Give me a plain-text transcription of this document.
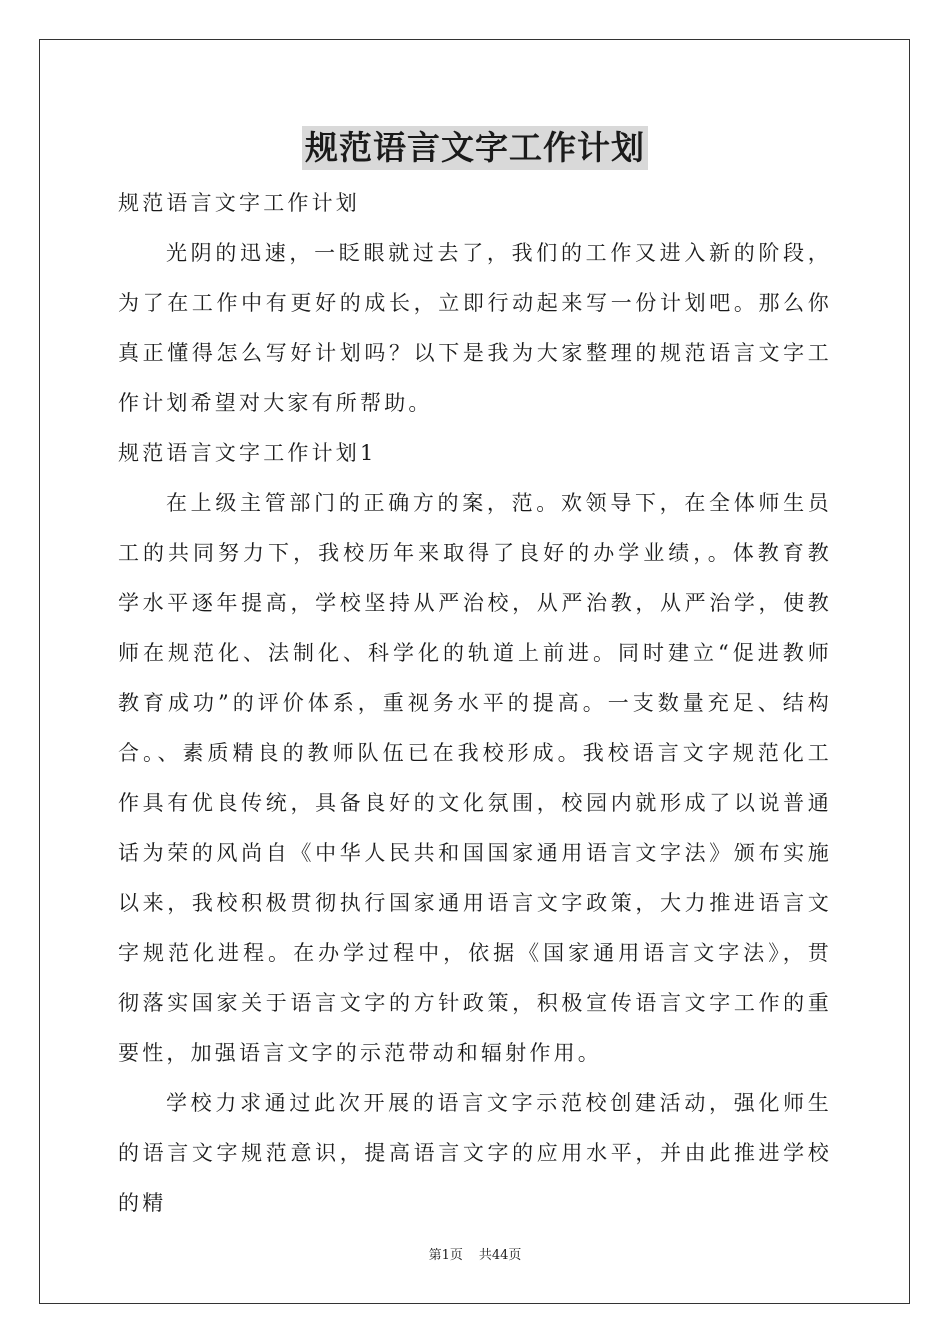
规范语言文字工作计划

规范语言文字工作计划

光阴的迅速，一眨眼就过去了，我们的工作又进入新的阶段，为了在工作中有更好的成长，立即行动起来写一份计划吧。那么你真正懂得怎么写好计划吗？以下是我为大家整理的规范语言文字工作计划希望对大家有所帮助。

规范语言文字工作计划1

在上级主管部门的正确方的案，范。欢领导下，在全体师生员工的共同努力下，我校历年来取得了良好的办学业绩，。体教育教学水平逐年提高，学校坚持从严治校，从严治教，从严治学，使教师在规范化、法制化、科学化的轨道上前进。同时建立“促进教师教育成功”的评价体系，重视务水平的提高。一支数量充足、结构合。、素质精良的教师队伍已在我校形成。我校语言文字规范化工作具有优良传统，具备良好的文化氛围，校园内就形成了以说普通话为荣的风尚自《中华人民共和国国家通用语言文字法》颁布实施以来，我校积极贯彻执行国家通用语言文字政策，大力推进语言文字规范化进程。在办学过程中，依据《国家通用语言文字法》，贯彻落实国家关于语言文字的方针政策，积极宣传语言文字工作的重要性，加强语言文字的示范带动和辐射作用。

学校力求通过此次开展的语言文字示范校创建活动，强化师生的语言文字规范意识，提高语言文字的应用水平，并由此推进学校的精

第1页 共44页
